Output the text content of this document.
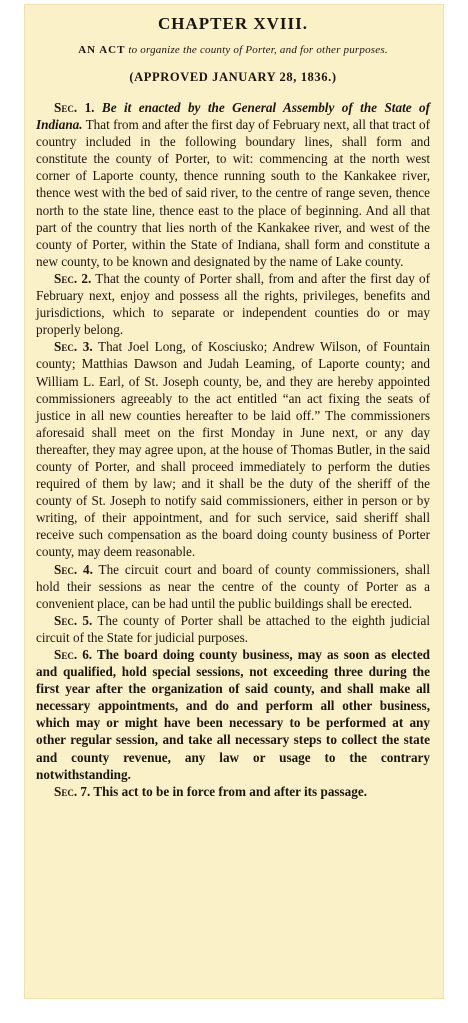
CHAPTER XVIII.
AN ACT to organize the county of Porter, and for other purposes.
(APPROVED JANUARY 28, 1836.)

Sec. 1. Be it enacted by the General Assembly of the State of Indiana. That from and after the first day of February next, all that tract of country included in the following boundary lines, shall form and constitute the county of Porter, to wit: commencing at the north west corner of Laporte county, thence running south to the Kankakee river, thence west with the bed of said river, to the centre of range seven, thence north to the state line, thence east to the place of beginning. And all that part of the country that lies north of the Kankakee river, and west of the county of Porter, within the State of Indiana, shall form and constitute a new county, to be known and designated by the name of Lake county.

Sec. 2. That the county of Porter shall, from and after the first day of February next, enjoy and possess all the rights, privileges, benefits and jurisdictions, which to separate or independent counties do or may properly belong.

Sec. 3. That Joel Long, of Kosciusko; Andrew Wilson, of Fountain county; Matthias Dawson and Judah Leaming, of Laporte county; and William L. Earl, of St. Joseph county, be, and they are hereby appointed commissioners agreeably to the act entitled “an act fixing the seats of justice in all new counties hereafter to be laid off.” The commissioners aforesaid shall meet on the first Monday in June next, or any day thereafter, they may agree upon, at the house of Thomas Butler, in the said county of Porter, and shall proceed immediately to perform the duties required of them by law; and it shall be the duty of the sheriff of the county of St. Joseph to notify said commissioners, either in person or by writing, of their appointment, and for such service, said sheriff shall receive such compensation as the board doing county business of Porter county, may deem reasonable.

Sec. 4. The circuit court and board of county commissioners, shall hold their sessions as near the centre of the county of Porter as a convenient place, can be had until the public buildings shall be erected.

Sec. 5. The county of Porter shall be attached to the eighth judicial circuit of the State for judicial purposes.

Sec. 6. The board doing county business, may as soon as elected and qualified, hold special sessions, not exceeding three during the first year after the organization of said county, and shall make all necessary appointments, and do and perform all other business, which may or might have been necessary to be performed at any other regular session, and take all necessary steps to collect the state and county revenue, any law or usage to the contrary notwithstanding.

Sec. 7. This act to be in force from and after its passage.
